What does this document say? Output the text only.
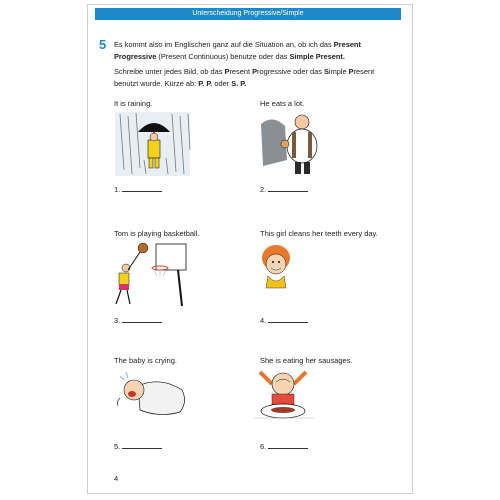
Unterscheidung Progressive/Simple
5 Es kommt also im Englischen ganz auf die Situation an, ob ich das Present Progressive (Present Continuous) benutze oder das Simple Present.

Schreibe unter jedes Bild, ob das Present Progressive oder das Simple Present benutzt wurde. Kürze ab: P. P. oder S. P.

It is raining.
1.
He eats a lot.
2.
Tom is playing basketball.
3.
This girl cleans her teeth every day.
4.
The baby is crying.
5.
She is eating her sausages.
6.
4
